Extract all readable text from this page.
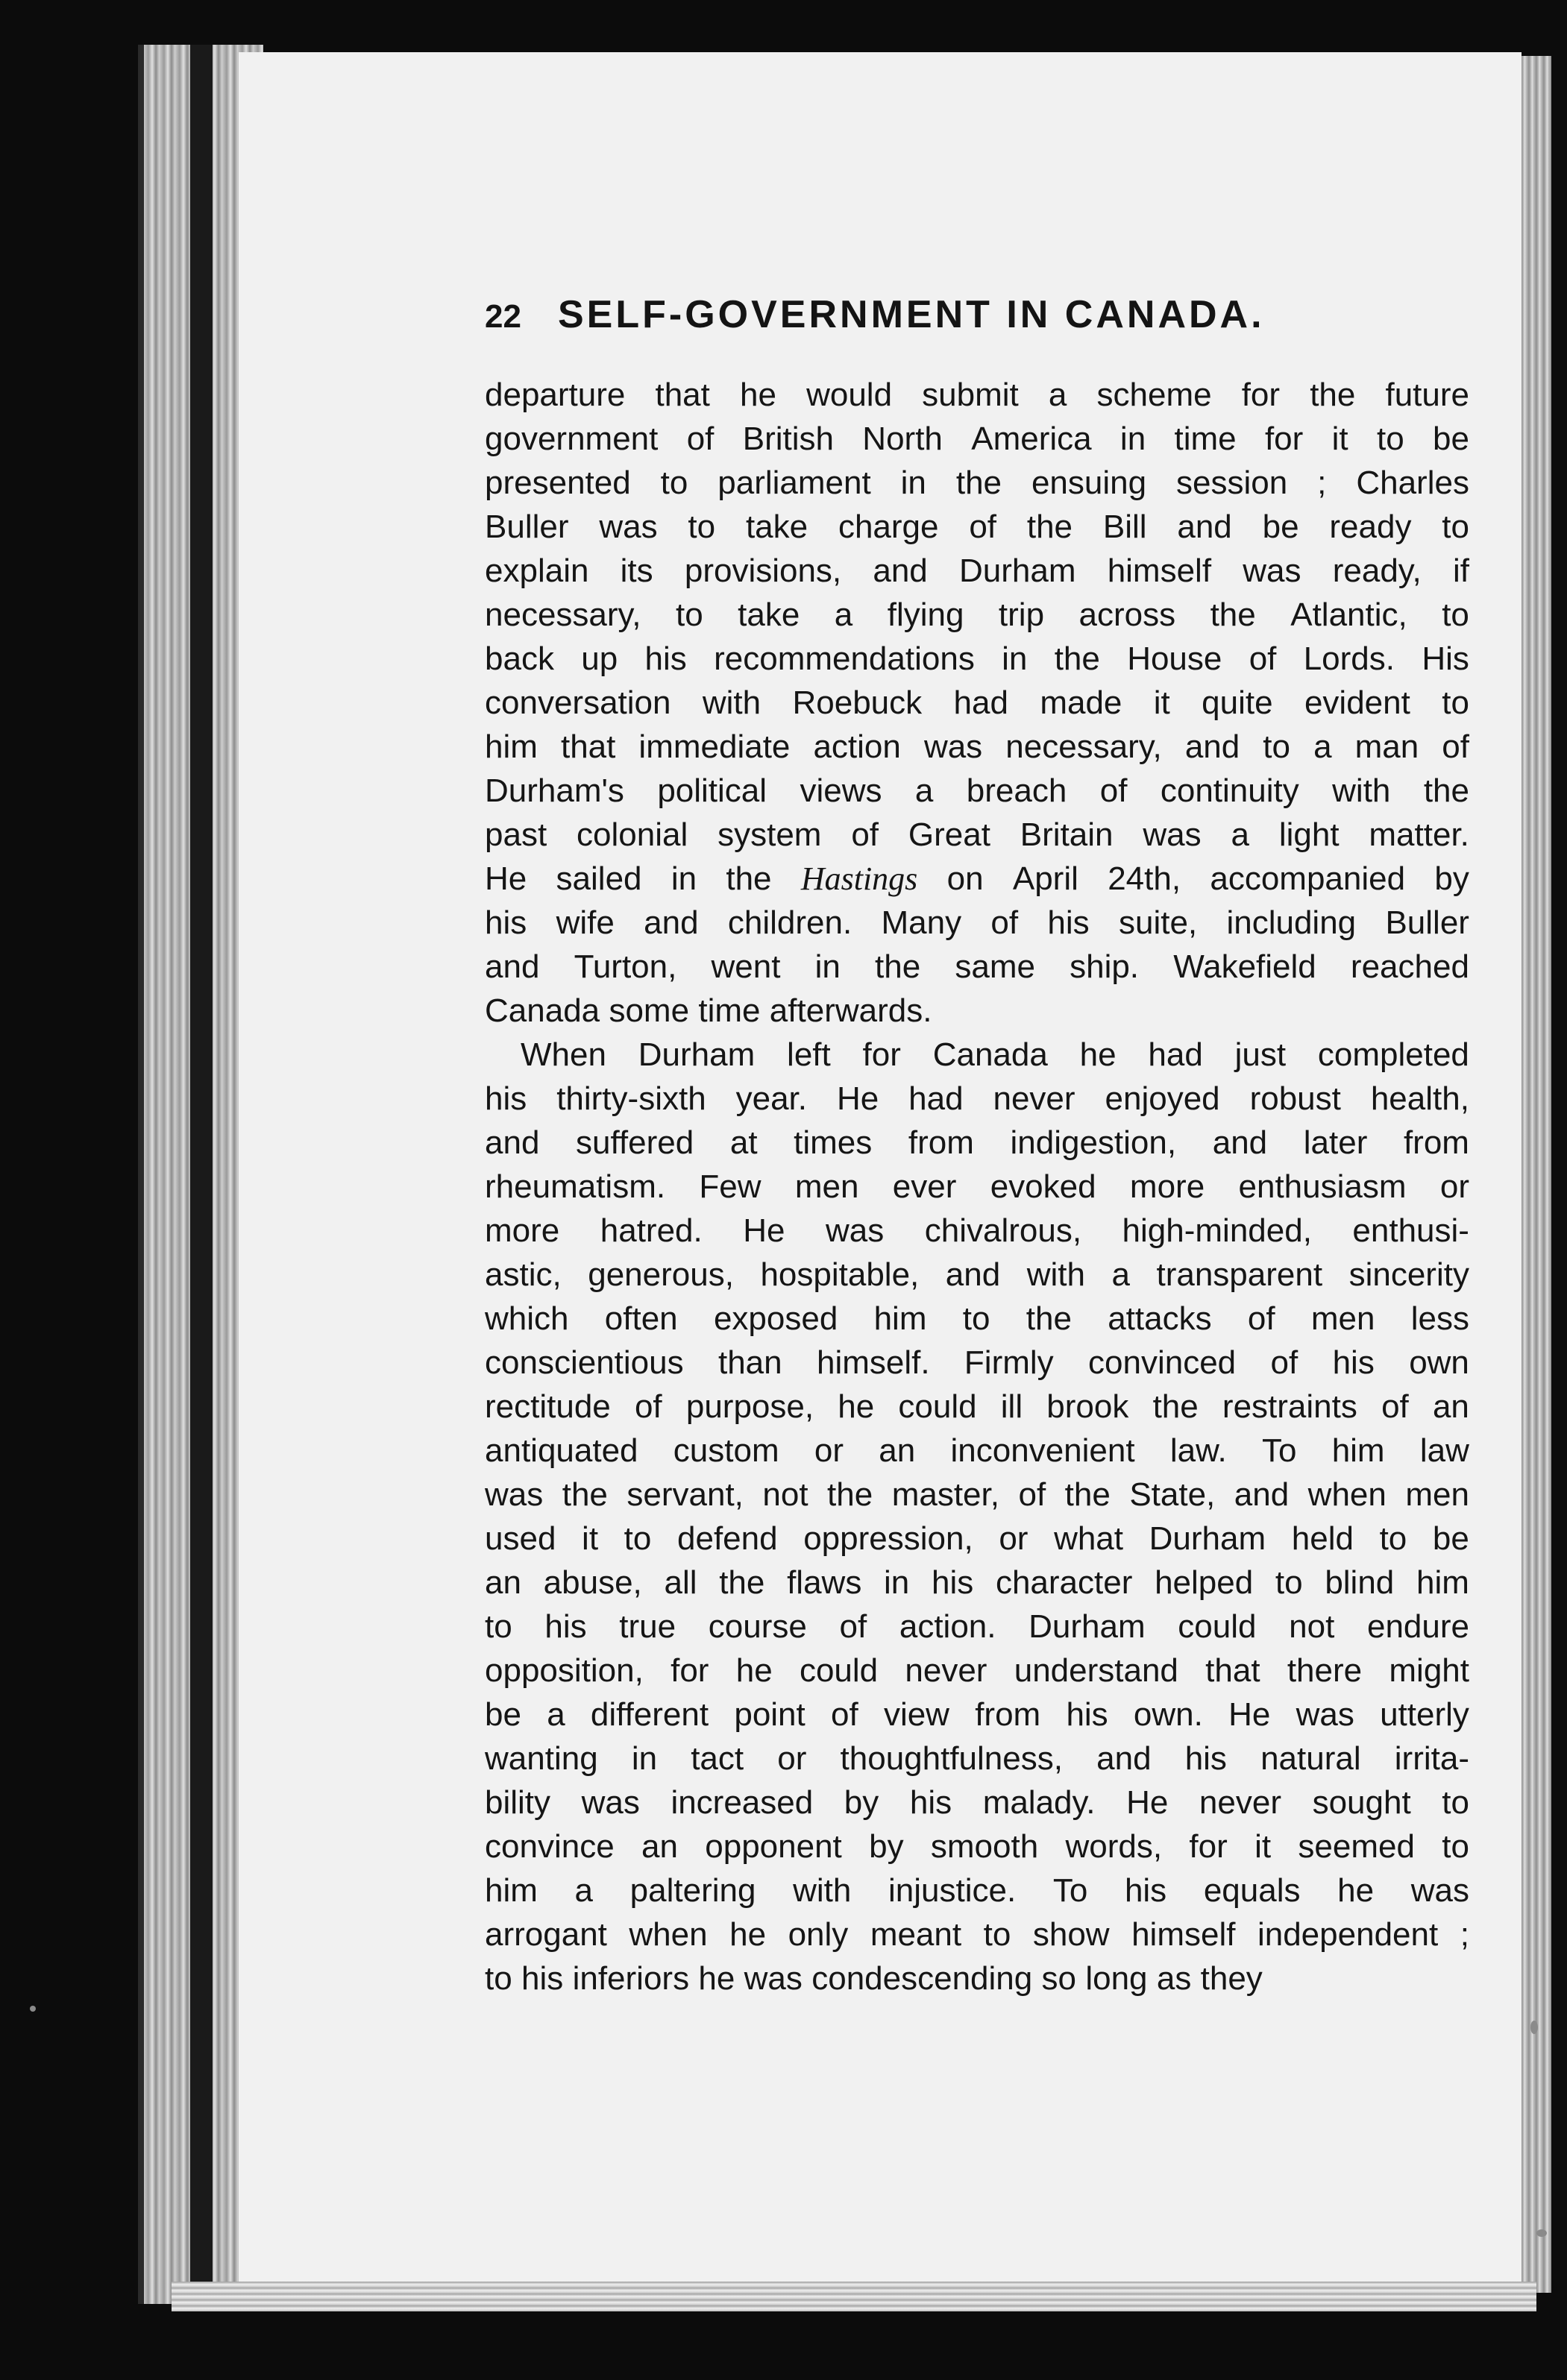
22 SELF-GOVERNMENT IN CANADA.
departure that he would submit a scheme for the future
government of British North America in time for it to be
presented to parliament in the ensuing session ; Charles
Buller was to take charge of the Bill and be ready to
explain its provisions, and Durham himself was ready, if
necessary, to take a flying trip across the Atlantic, to
back up his recommendations in the House of Lords. His
conversation with Roebuck had made it quite evident to
him that immediate action was necessary, and to a man of
Durham's political views a breach of continuity with the
past colonial system of Great Britain was a light matter.
He sailed in the Hastings on April 24th, accompanied by
his wife and children. Many of his suite, including Buller
and Turton, went in the same ship. Wakefield reached
Canada some time afterwards.
When Durham left for Canada he had just completed
his thirty-sixth year. He had never enjoyed robust health,
and suffered at times from indigestion, and later from
rheumatism. Few men ever evoked more enthusiasm or
more hatred. He was chivalrous, high-minded, enthusi-
astic, generous, hospitable, and with a transparent sincerity
which often exposed him to the attacks of men less
conscientious than himself. Firmly convinced of his own
rectitude of purpose, he could ill brook the restraints of an
antiquated custom or an inconvenient law. To him law
was the servant, not the master, of the State, and when men
used it to defend oppression, or what Durham held to be
an abuse, all the flaws in his character helped to blind him
to his true course of action. Durham could not endure
opposition, for he could never understand that there might
be a different point of view from his own. He was utterly
wanting in tact or thoughtfulness, and his natural irrita-
bility was increased by his malady. He never sought to
convince an opponent by smooth words, for it seemed to
him a paltering with injustice. To his equals he was
arrogant when he only meant to show himself independent ;
to his inferiors he was condescending so long as they
